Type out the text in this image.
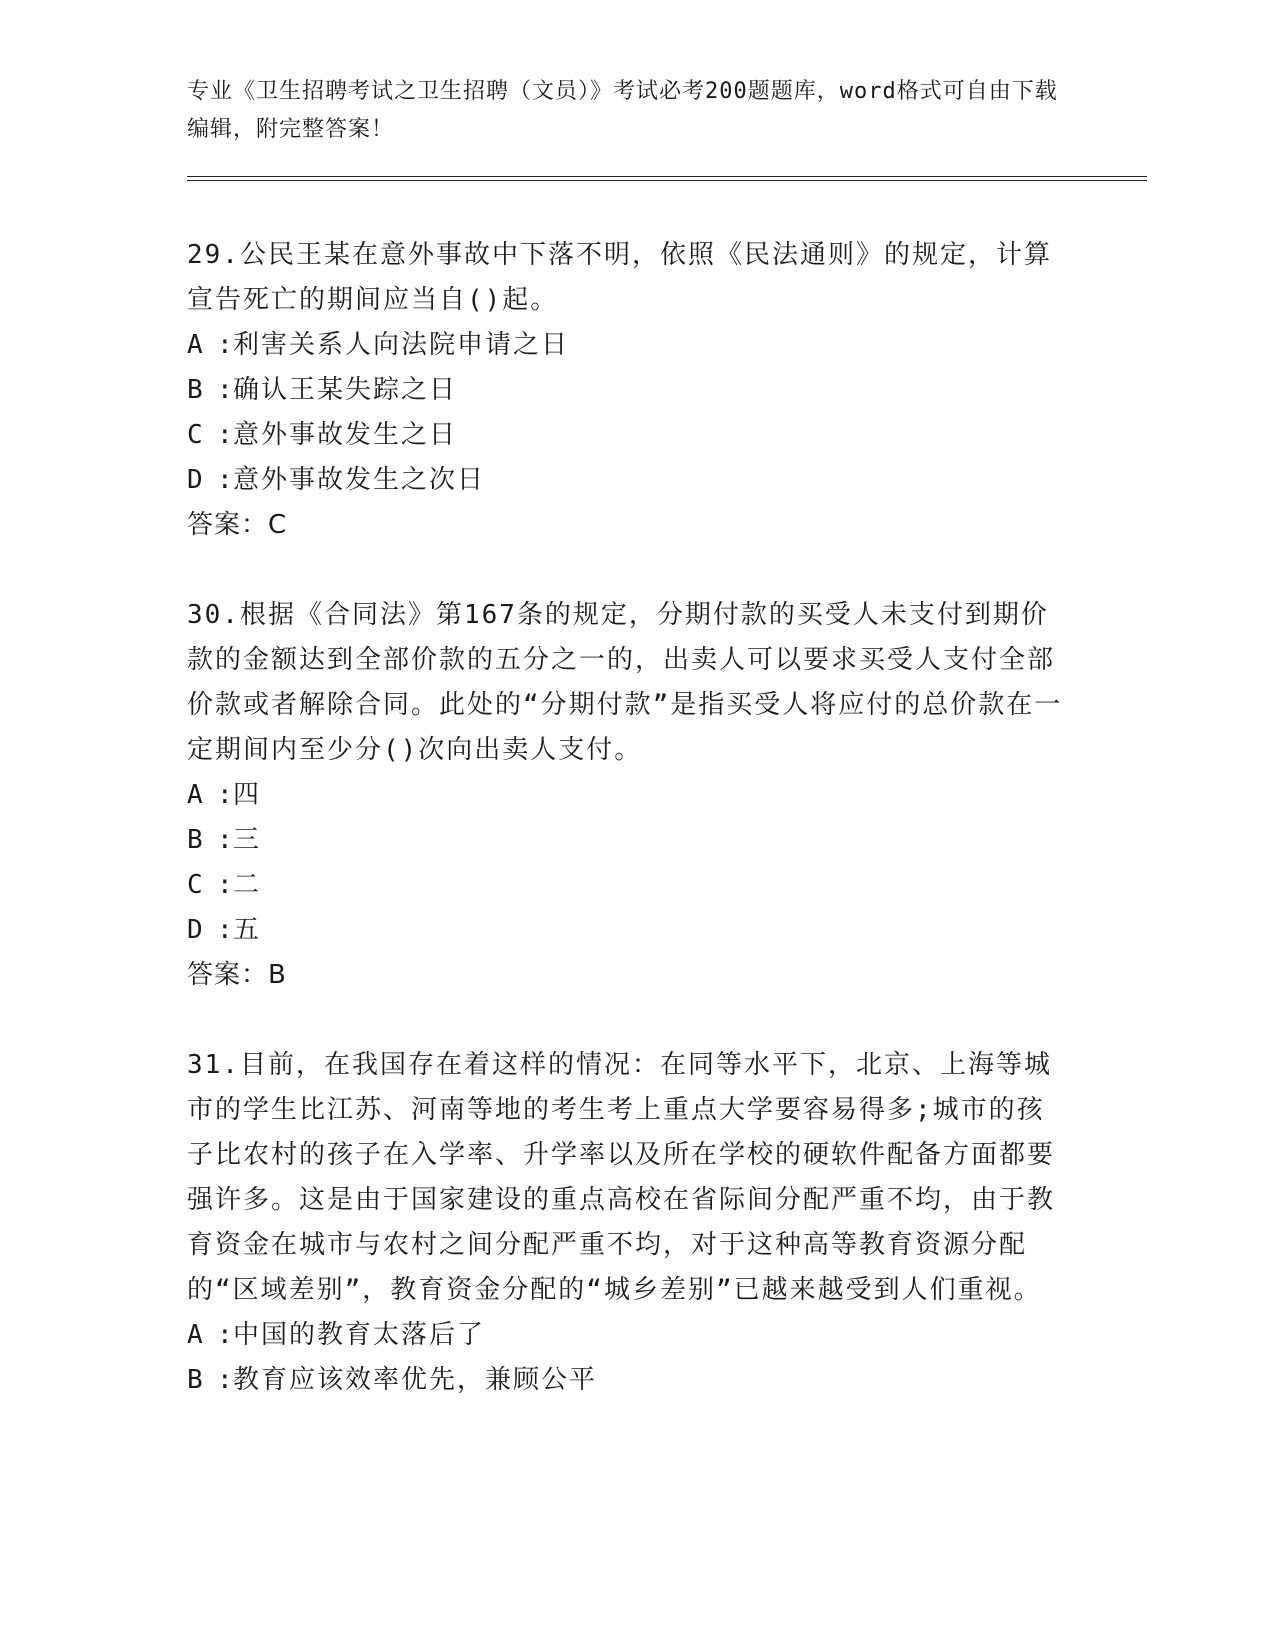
专业《卫生招聘考试之卫生招聘（文员）》考试必考200题题库，word格式可自由下载编辑，附完整答案！
29.公民王某在意外事故中下落不明，依照《民法通则》的规定，计算宣告死亡的期间应当自()起。
A :利害关系人向法院申请之日
B :确认王某失踪之日
C :意外事故发生之日
D :意外事故发生之次日
答案：C
30.根据《合同法》第167条的规定，分期付款的买受人未支付到期价款的金额达到全部价款的五分之一的，出卖人可以要求买受人支付全部价款或者解除合同。此处的“分期付款”是指买受人将应付的总价款在一定期间内至少分()次向出卖人支付。
A :四
B :三
C :二
D :五
答案：B
31.目前，在我国存在着这样的情况：在同等水平下，北京、上海等城市的学生比江苏、河南等地的考生考上重点大学要容易得多;城市的孩子比农村的孩子在入学率、升学率以及所在学校的硬软件配备方面都要强许多。这是由于国家建设的重点高校在省际间分配严重不均，由于教育资金在城市与农村之间分配严重不均，对于这种高等教育资源分配的“区域差别”，教育资金分配的“城乡差别”已越来越受到人们重视。
A :中国的教育太落后了
B :教育应该效率优先，兼顾公平
